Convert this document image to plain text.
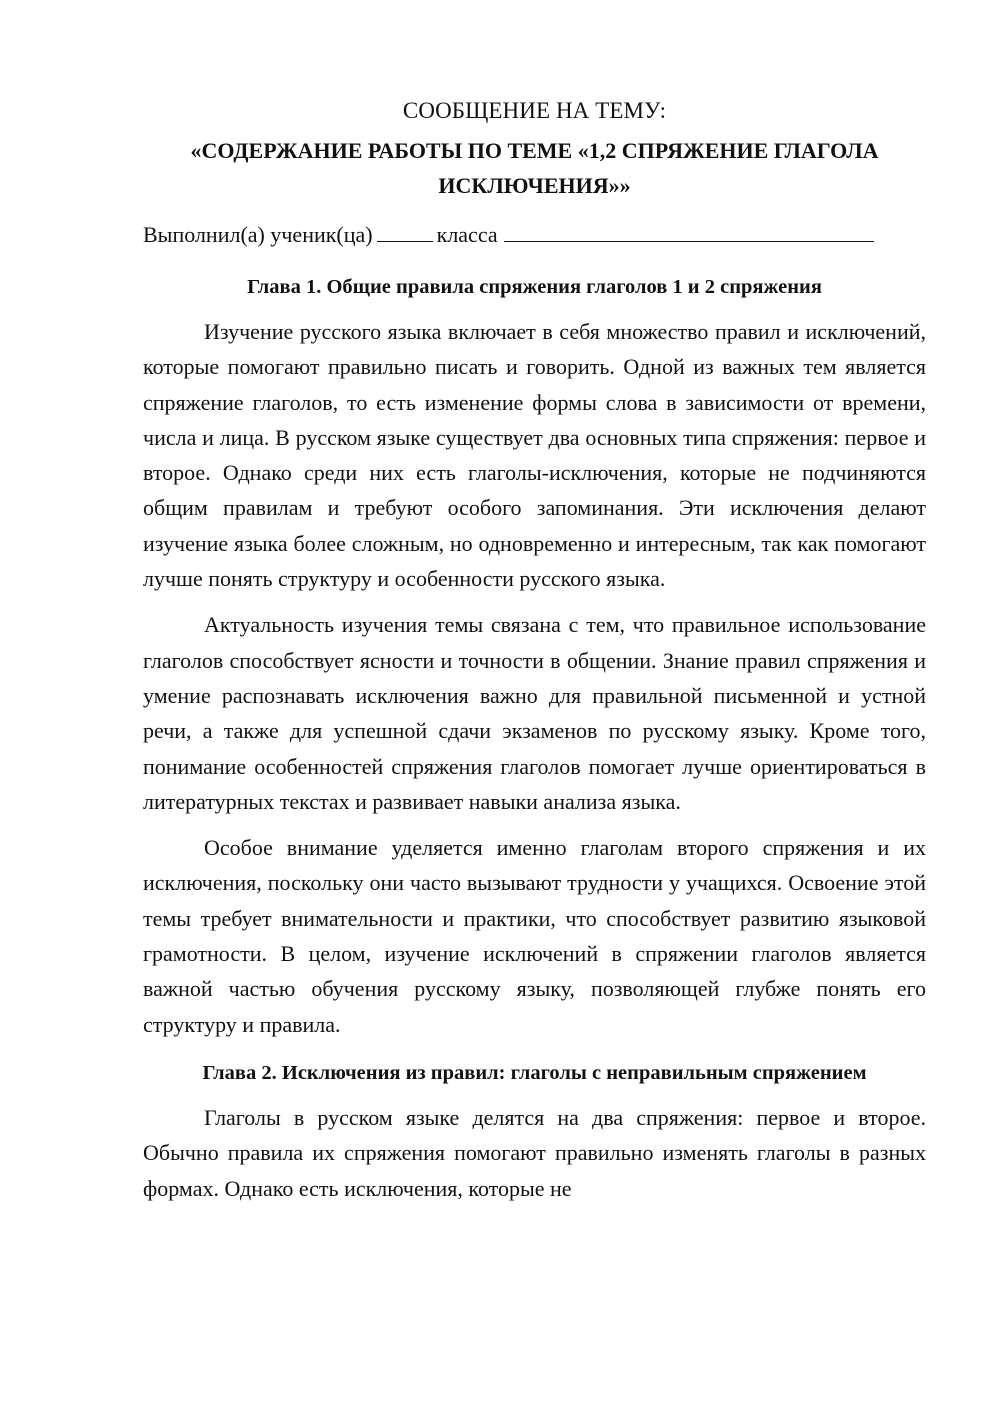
СООБЩЕНИЕ НА ТЕМУ:
«СОДЕРЖАНИЕ РАБОТЫ ПО ТЕМЕ «1,2 СПРЯЖЕНИЕ ГЛАГОЛА ИСКЛЮЧЕНИЯ»»
Выполнил(а) ученик(ца)	класса
Глава 1. Общие правила спряжения глаголов 1 и 2 спряжения

Изучение русского языка включает в себя множество правил и исключений, которые помогают правильно писать и говорить. Одной из важных тем является спряжение глаголов, то есть изменение формы слова в зависимости от времени, числа и лица. В русском языке существует два основных типа спряжения: первое и второе. Однако среди них есть глаголы-исключения, которые не подчиняются общим правилам и требуют особого запоминания. Эти исключения делают изучение языка более сложным, но одновременно и интересным, так как помогают лучше понять структуру и особенности русского языка.

Актуальность изучения темы связана с тем, что правильное использование глаголов способствует ясности и точности в общении. Знание правил спряжения и умение распознавать исключения важно для правильной письменной и устной речи, а также для успешной сдачи экзаменов по русскому языку. Кроме того, понимание особенностей спряжения глаголов помогает лучше ориентироваться в литературных текстах и развивает навыки анализа языка.

Особое внимание уделяется именно глаголам второго спряжения и их исключения, поскольку они часто вызывают трудности у учащихся. Освоение этой темы требует внимательности и практики, что способствует развитию языковой грамотности. В целом, изучение исключений в спряжении глаголов является важной частью обучения русскому языку, позволяющей глубже понять его структуру и правила.

Глава 2. Исключения из правил: глаголы с неправильным спряжением

Глаголы в русском языке делятся на два спряжения: первое и второе. Обычно правила их спряжения помогают правильно изменять глаголы в разных формах. Однако есть исключения, которые не
